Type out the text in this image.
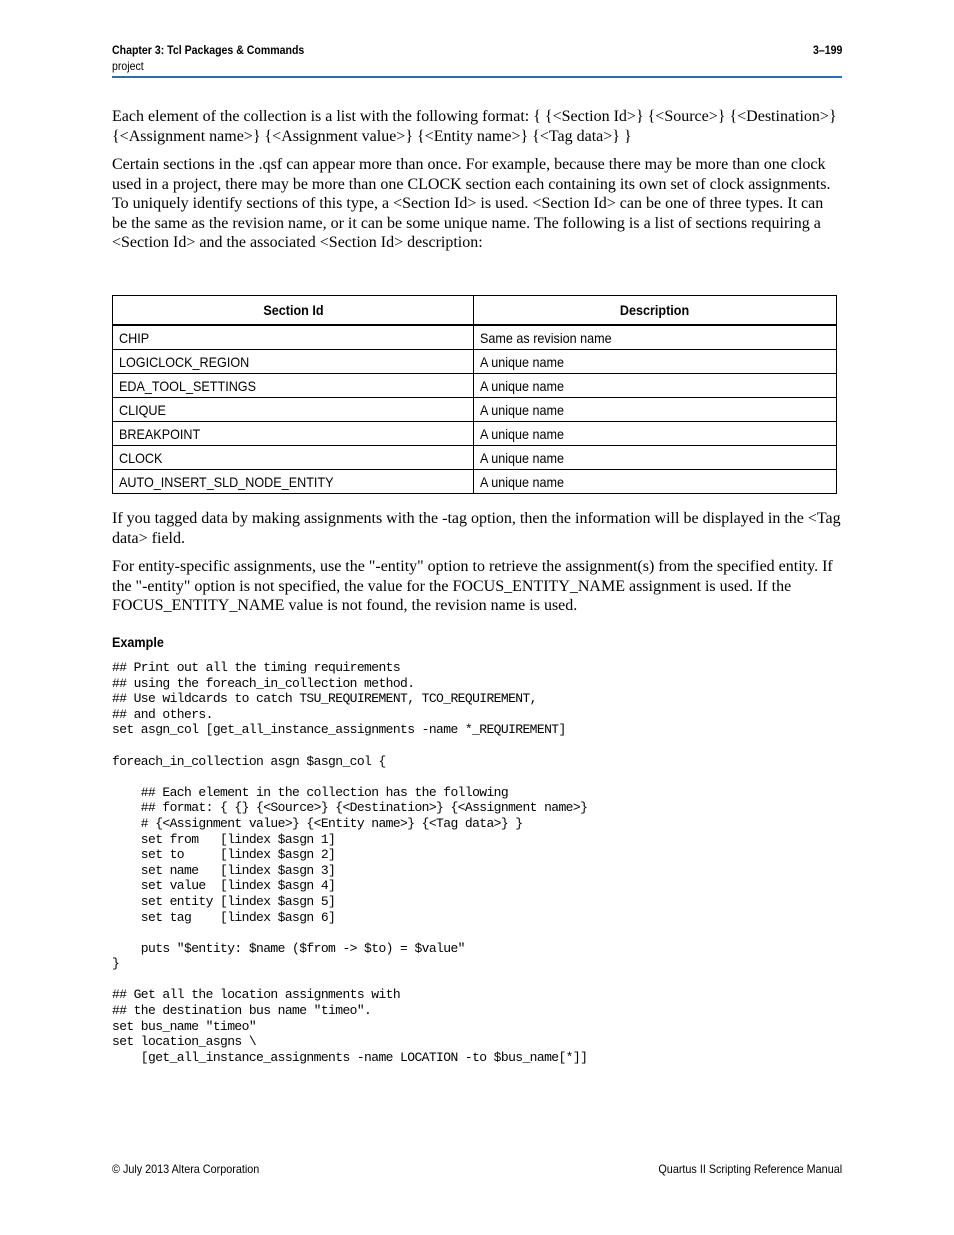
Chapter 3: Tcl Packages & Commands	3–199
project

Each element of the collection is a list with the following format: { {<Section Id>} {<Source>} {<Destination>} {<Assignment name>} {<Assignment value>} {<Entity name>} {<Tag data>} }

Certain sections in the .qsf can appear more than once. For example, because there may be more than one clock used in a project, there may be more than one CLOCK section each containing its own set of clock assignments. To uniquely identify sections of this type, a <Section Id> is used. <Section Id> can be one of three types. It can be the same as the revision name, or it can be some unique name. The following is a list of sections requiring a <Section Id> and the associated <Section Id> description:

Section Id	Description
CHIP	Same as revision name
LOGICLOCK_REGION	A unique name
EDA_TOOL_SETTINGS	A unique name
CLIQUE	A unique name
BREAKPOINT	A unique name
CLOCK	A unique name
AUTO_INSERT_SLD_NODE_ENTITY	A unique name

If you tagged data by making assignments with the -tag option, then the information will be displayed in the <Tag data> field.

For entity-specific assignments, use the "-entity" option to retrieve the assignment(s) from the specified entity. If the "-entity" option is not specified, the value for the FOCUS_ENTITY_NAME assignment is used. If the FOCUS_ENTITY_NAME value is not found, the revision name is used.

Example
## Print out all the timing requirements
## using the foreach_in_collection method.
## Use wildcards to catch TSU_REQUIREMENT, TCO_REQUIREMENT,
## and others.
set asgn_col [get_all_instance_assignments -name *_REQUIREMENT]

foreach_in_collection asgn $asgn_col {

## Each element in the collection has the following
## format: { {} {<Source>} {<Destination>} {<Assignment name>}
# {<Assignment value>} {<Entity name>} {<Tag data>} }
set from   [lindex $asgn 1]
set to     [lindex $asgn 2]
set name   [lindex $asgn 3]
set value  [lindex $asgn 4]
set entity [lindex $asgn 5]
set tag    [lindex $asgn 6]

puts "$entity: $name ($from -> $to) = $value"
}

## Get all the location assignments with
## the destination bus name "timeo".
set bus_name "timeo"
set location_asgns \
[get_all_instance_assignments -name LOCATION -to $bus_name[*]]
© July 2013 Altera Corporation	Quartus II Scripting Reference Manual
